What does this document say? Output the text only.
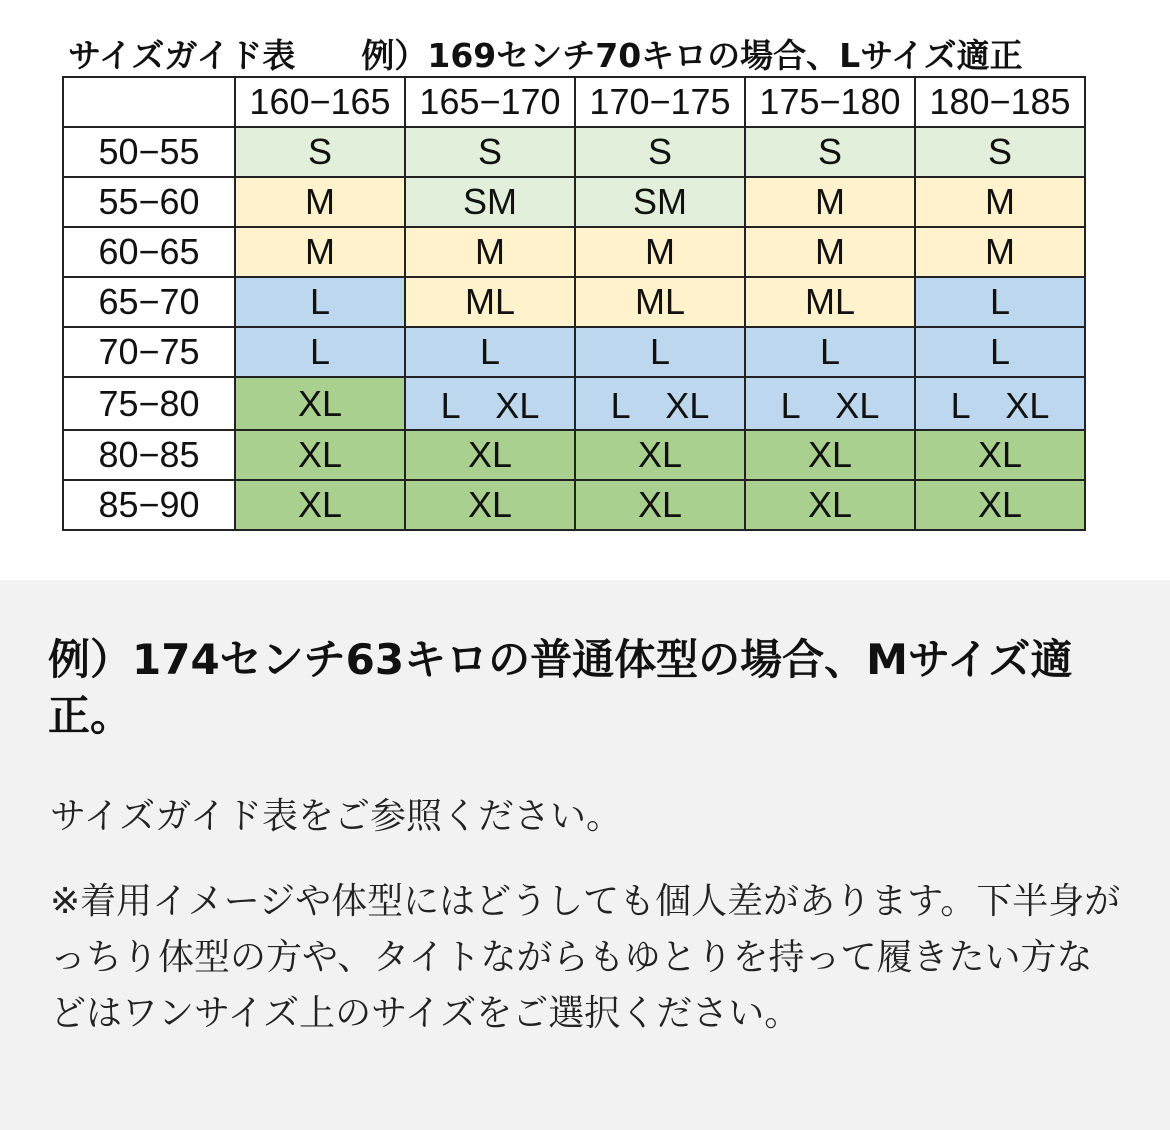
サイズガイド表　　例）169センチ70キロの場合、Lサイズ適正
	160−165	165−170	170−175	175−180	180−185
50−55	S	S	S	S	S
55−60	M	SM	SM	M	M
60−65	M	M	M	M	M
65−70	L	ML	ML	ML	L
70−75	L	L	L	L	L
75−80	XL	L　XL	L　XL	L　XL	L　XL
80−85	XL	XL	XL	XL	XL
85−90	XL	XL	XL	XL	XL
例）174センチ63キロの普通体型の場合、Mサイズ適正。
サイズガイド表をご参照ください。
※着用イメージや体型にはどうしても個人差があります。下半身がっちり体型の方や、タイトながらもゆとりを持って履きたい方などはワンサイズ上のサイズをご選択ください。
